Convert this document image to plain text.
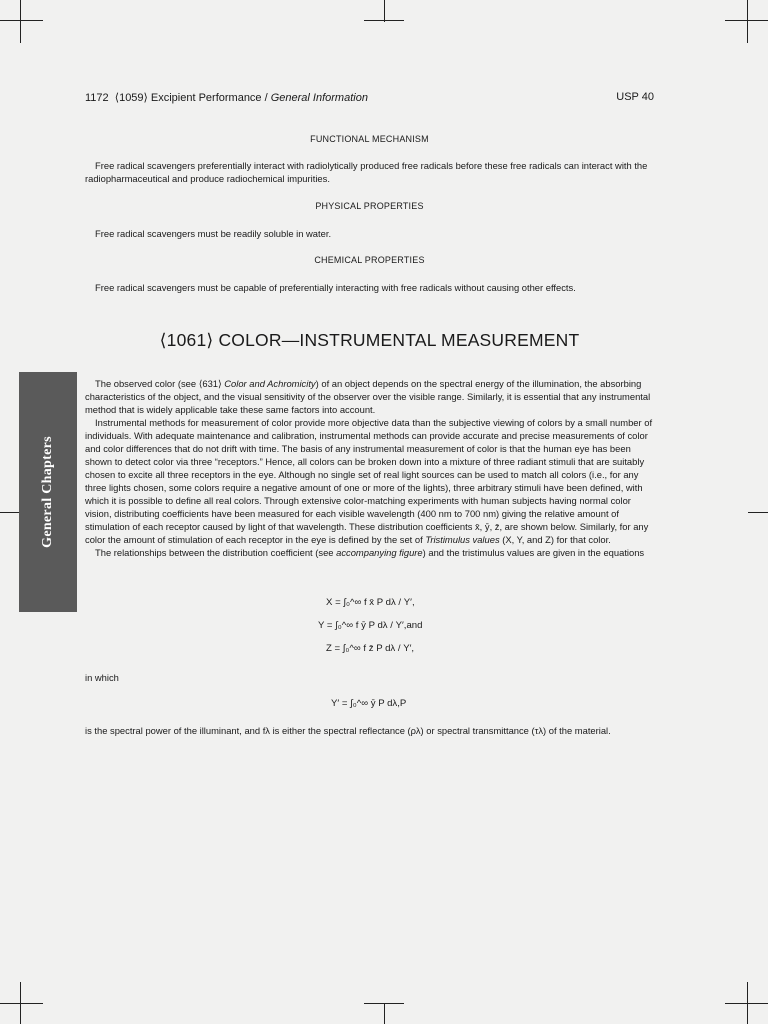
1172 ⟨1059⟩ Excipient Performance / General Information	USP 40
FUNCTIONAL MECHANISM

Free radical scavengers preferentially interact with radiolytically produced free radicals before these free radicals can interact with the radiopharmaceutical and produce radiochemical impurities.

PHYSICAL PROPERTIES

Free radical scavengers must be readily soluble in water.

CHEMICAL PROPERTIES

Free radical scavengers must be capable of preferentially interacting with free radicals without causing other effects.

⟨1061⟩ COLOR—INSTRUMENTAL MEASUREMENT
General Chapters

The observed color (see ⟨631⟩ Color and Achromicity) of an object depends on the spectral energy of the illumination, the absorbing characteristics of the object, and the visual sensitivity of the observer over the visible range. Similarly, it is essential that any instrumental method that is widely applicable take these same factors into account.

Instrumental methods for measurement of color provide more objective data than the subjective viewing of colors by a small number of individuals. With adequate maintenance and calibration, instrumental methods can provide accurate and precise measurements of color and color differences that do not drift with time. The basis of any instrumental measurement of color is that the human eye has been shown to detect color via three “receptors.” Hence, all colors can be broken down into a mixture of three radiant stimuli that are suitably chosen to excite all three receptors in the eye. Although no single set of real light sources can be used to match all colors (i.e., for any three lights chosen, some colors require a negative amount of one or more of the lights), three arbitrary stimuli have been defined, with which it is possible to define all real colors. Through extensive color-matching experiments with human subjects having normal color vision, distributing coefficients have been measured for each visible wavelength (400 nm to 700 nm) giving the relative amount of stimulation of each receptor caused by light of that wavelength. These distribution coefficients x̄, ȳ, z̄, are shown below. Similarly, for any color the amount of stimulation of each receptor in the eye is defined by the set of Tristimulus values (X, Y, and Z) for that color.

The relationships between the distribution coefficient (see accompanying figure) and the tristimulus values are given in the equations

X = ∫₀^∞ f x̄ P dλ / Y′,
Y = ∫₀^∞ f ȳ P dλ / Y′,and
Z = ∫₀^∞ f z̄ P dλ / Y′,
in which
Y′ = ∫₀^∞ ȳ P dλ,P
is the spectral power of the illuminant, and fλ is either the spectral reflectance (ρλ) or spectral transmittance (τλ) of the material.
